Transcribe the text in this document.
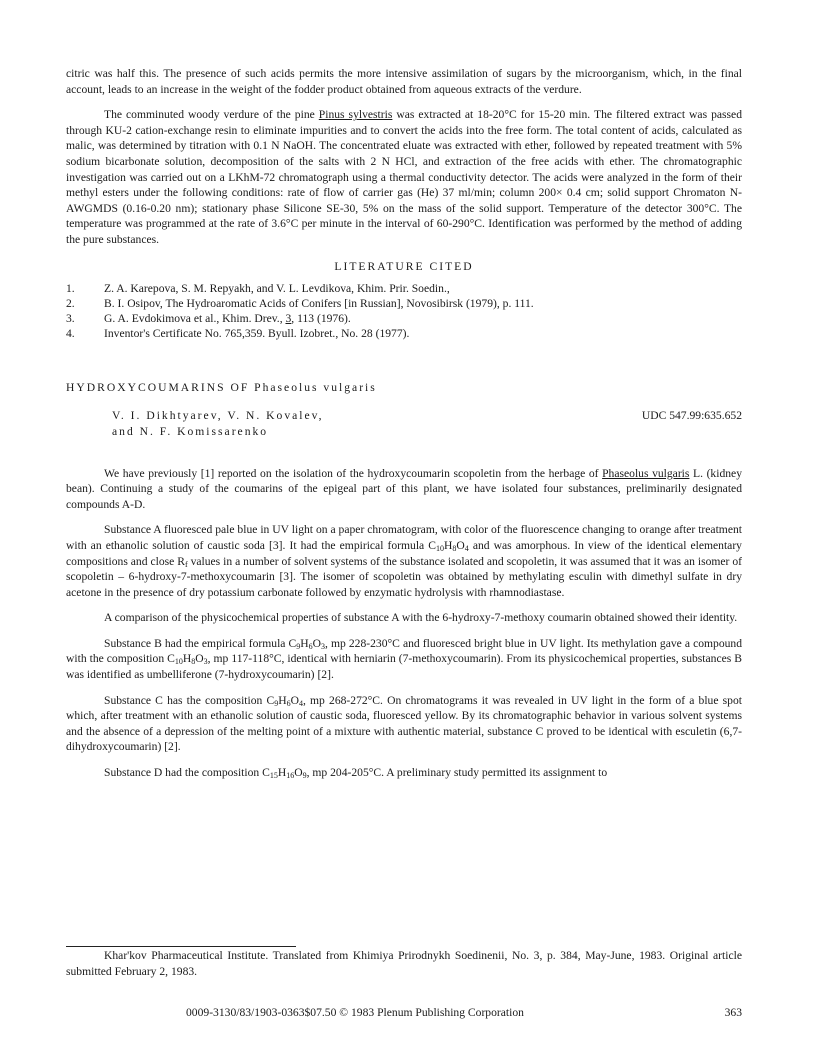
citric was half this. The presence of such acids permits the more intensive assimilation of sugars by the microorganism, which, in the final account, leads to an increase in the weight of the fodder product obtained from aqueous extracts of the verdure.

The comminuted woody verdure of the pine Pinus sylvestris was extracted at 18-20°C for 15-20 min. The filtered extract was passed through KU-2 cation-exchange resin to eliminate impurities and to convert the acids into the free form. The total content of acids, calculated as malic, was determined by titration with 0.1 N NaOH. The concentrated eluate was extracted with ether, followed by repeated treatment with 5% sodium bicarbonate solution, decomposition of the salts with 2 N HCl, and extraction of the free acids with ether. The chromatographic investigation was carried out on a LKhM-72 chromatograph using a thermal conductivity detector. The acids were analyzed in the form of their methyl esters under the following conditions: rate of flow of carrier gas (He) 37 ml/min; column 200× 0.4 cm; solid support Chromaton N-AWGMDS (0.16-0.20 nm); stationary phase Silicone SE-30, 5% on the mass of the solid support. Temperature of the detector 300°C. The temperature was programmed at the rate of 3.6°C per minute in the interval of 60-290°C. Identification was performed by the method of adding the pure substances.

LITERATURE CITED
1.	Z. A. Karepova, S. M. Repyakh, and V. L. Levdikova, Khim. Prir. Soedin.,
2.	B. I. Osipov, The Hydroaromatic Acids of Conifers [in Russian], Novosibirsk (1979), p. 111.
3.	G. A. Evdokimova et al., Khim. Drev., 3, 113 (1976).
4.	Inventor's Certificate No. 765,359. Byull. Izobret., No. 28 (1977).
HYDROXYCOUMARINS OF Phaseolus vulgaris
V. I. Dikhtyarev, V. N. Kovalev,
and N. F. Komissarenko
UDC 547.99:635.652

We have previously [1] reported on the isolation of the hydroxycoumarin scopoletin from the herbage of Phaseolus vulgaris L. (kidney bean). Continuing a study of the coumarins of the epigeal part of this plant, we have isolated four substances, preliminarily designated compounds A-D.

Substance A fluoresced pale blue in UV light on a paper chromatogram, with color of the fluorescence changing to orange after treatment with an ethanolic solution of caustic soda [3]. It had the empirical formula $C_{10}H_8O_4$ and was amorphous. In view of the identical elementary compositions and close $R_f$ values in a number of solvent systems of the substance isolated and scopoletin, it was assumed that it was an isomer of scopoletin – 6-hydroxy-7-methoxycoumarin [3]. The isomer of scopoletin was obtained by methylating esculin with dimethyl sulfate in dry acetone in the presence of dry potassium carbonate followed by enzymatic hydrolysis with rhamnodiastase.

A comparison of the physicochemical properties of substance A with the 6-hydroxy-7-methoxy coumarin obtained showed their identity.

Substance B had the empirical formula $C_9H_6O_3$, mp 228-230°C and fluoresced bright blue in UV light. Its methylation gave a compound with the composition $C_{10}H_8O_3$, mp 117-118°C, identical with herniarin (7-methoxycoumarin). From its physicochemical properties, substances B was identified as umbelliferone (7-hydroxycoumarin) [2].

Substance C has the composition $C_9H_6O_4$, mp 268-272°C. On chromatograms it was revealed in UV light in the form of a blue spot which, after treatment with an ethanolic solution of caustic soda, fluoresced yellow. By its chromatographic behavior in various solvent systems and the absence of a depression of the melting point of a mixture with authentic material, substance C proved to be identical with esculetin (6,7-dihydroxycoumarin) [2].

Substance D had the composition $C_{15}H_{16}O_9$, mp 204-205°C. A preliminary study permitted its assignment to

Khar'kov Pharmaceutical Institute. Translated from Khimiya Prirodnykh Soedinenii, No. 3, p. 384, May-June, 1983. Original article submitted February 2, 1983.
0009-3130/83/1903-0363$07.50 © 1983 Plenum Publishing Corporation	363
